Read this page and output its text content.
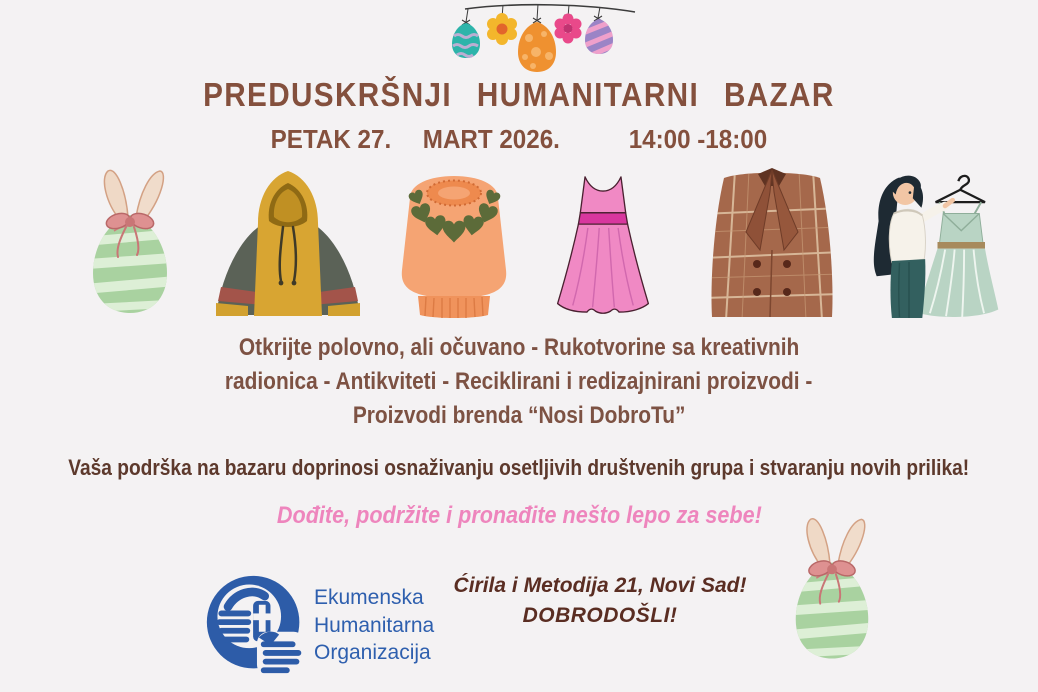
PREDUSKRŠNJI HUMANITARNI BAZAR
PETAK 27. MART 2026.	14:00 -18:00
Otkrijte polovno, ali očuvano - Rukotvorine sa kreativnih
radionica - Antikviteti - Reciklirani i redizajnirani proizvodi -
Proizvodi brenda “Nosi DobroTu”
Vaša podrška na bazaru doprinosi osnaživanju osetljivih društvenih grupa i stvaranju novih prilika!
Dođite, podržite i pronađite nešto lepo za sebe!
Ekumenska
Humanitarna
Organizacija
Ćirila i Metodija 21, Novi Sad!
DOBRODOŠLI!
